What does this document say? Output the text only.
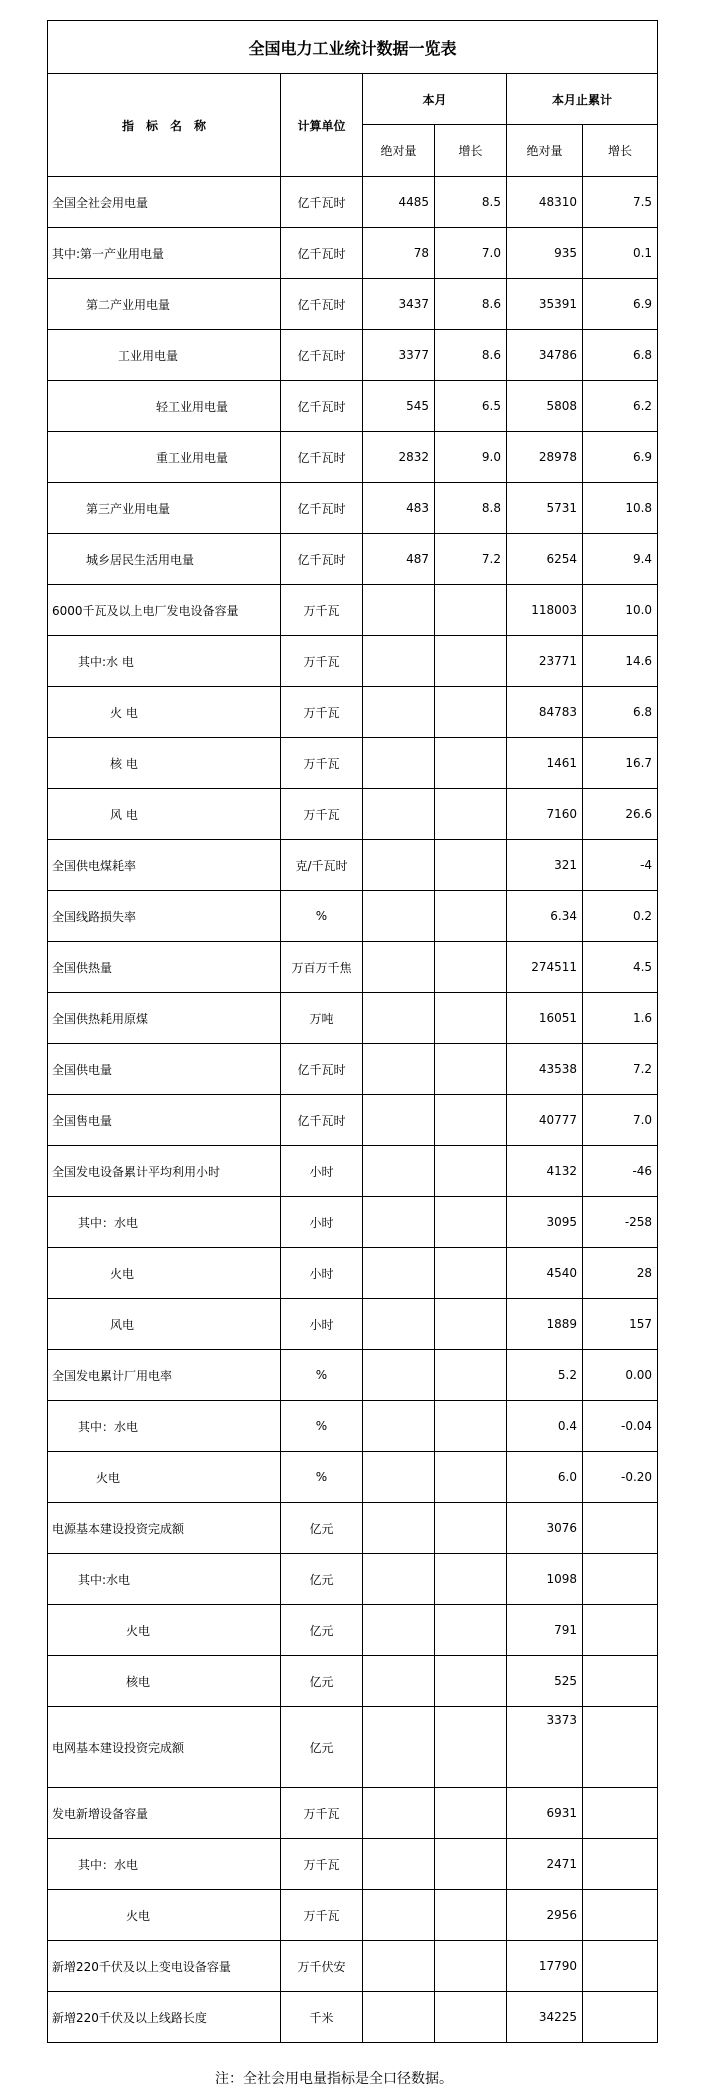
全国电力工业统计数据一览表					
指　标　名　称	计算单位	本月		本月止累计	
		绝对量	增长	绝对量	增长
全国全社会用电量	亿千瓦时	4485	8.5	48310	7.5
其中:第一产业用电量	亿千瓦时	78	7.0	935	0.1
第二产业用电量	亿千瓦时	3437	8.6	35391	6.9
工业用电量	亿千瓦时	3377	8.6	34786	6.8
轻工业用电量	亿千瓦时	545	6.5	5808	6.2
重工业用电量	亿千瓦时	2832	9.0	28978	6.9
第三产业用电量	亿千瓦时	483	8.8	5731	10.8
城乡居民生活用电量	亿千瓦时	487	7.2	6254	9.4
6000千瓦及以上电厂发电设备容量	万千瓦			118003	10.0
其中:水 电	万千瓦			23771	14.6
火 电	万千瓦			84783	6.8
核 电	万千瓦			1461	16.7
风 电	万千瓦			7160	26.6
全国供电煤耗率	克/千瓦时			321	-4
全国线路损失率	%			6.34	0.2
全国供热量	万百万千焦			274511	4.5
全国供热耗用原煤	万吨			16051	1.6
全国供电量	亿千瓦时			43538	7.2
全国售电量	亿千瓦时			40777	7.0
全国发电设备累计平均利用小时	小时			4132	-46
其中：水电	小时			3095	-258
火电	小时			4540	28
风电	小时			1889	157
全国发电累计厂用电率	%			5.2	0.00
其中：水电	%			0.4	-0.04
火电	%			6.0	-0.20
电源基本建设投资完成额	亿元			3076	
其中:水电	亿元			1098	
火电	亿元			791	
核电	亿元			525	
电网基本建设投资完成额	亿元			3373	
发电新增设备容量	万千瓦			6931	
其中：水电	万千瓦			2471	
火电	万千瓦			2956	
新增220千伏及以上变电设备容量	万千伏安			17790	
新增220千伏及以上线路长度	千米			34225	
注：全社会用电量指标是全口径数据。
